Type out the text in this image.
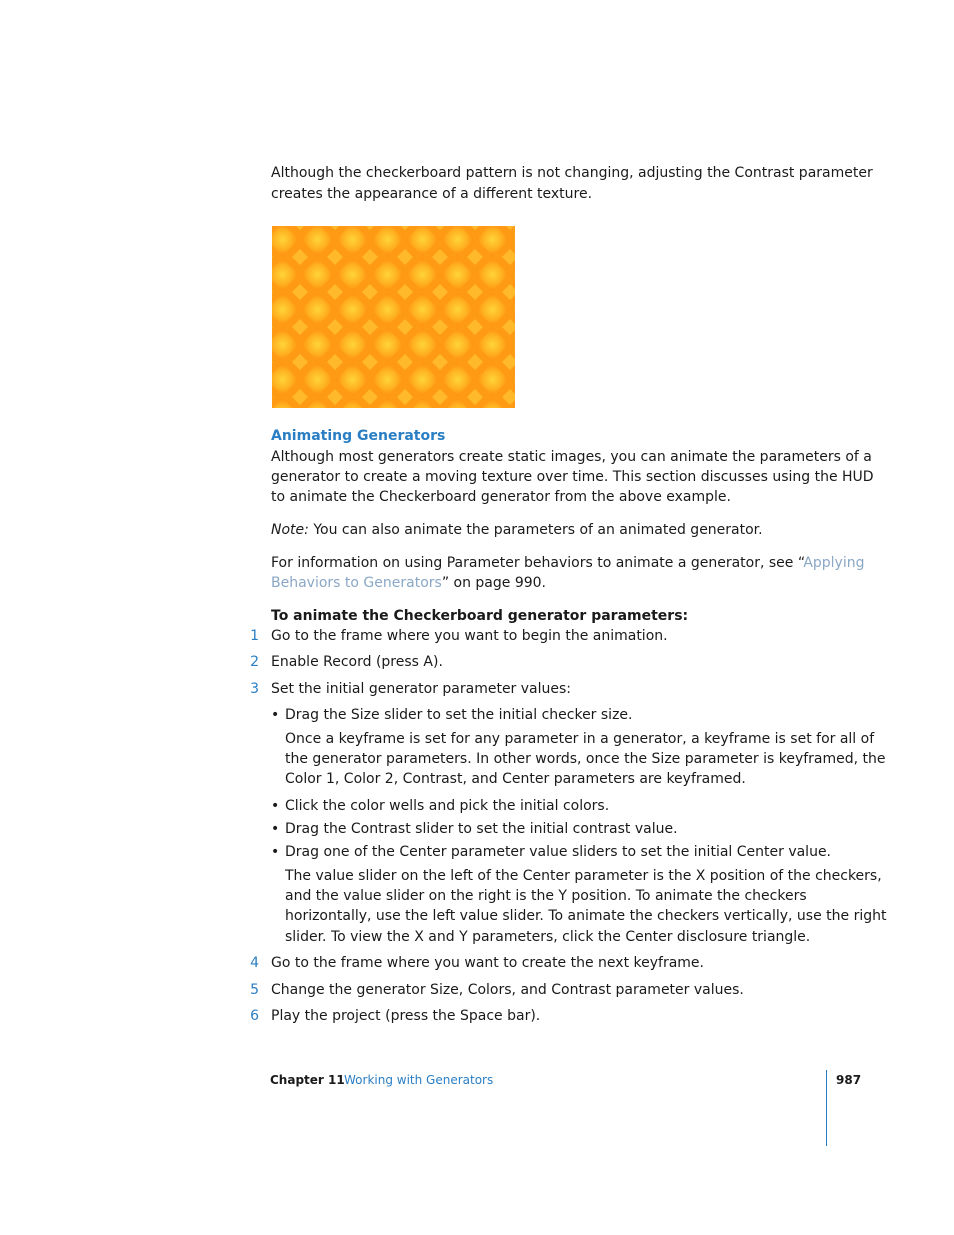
Although the checkerboard pattern is not changing, adjusting the Contrast parameter
creates the appearance of a different texture.
Animating Generators
Although most generators create static images, you can animate the parameters of a
generator to create a moving texture over time. This section discusses using the HUD
to animate the Checkerboard generator from the above example.
Note: You can also animate the parameters of an animated generator.
For information on using Parameter behaviors to animate a generator, see “Applying
Behaviors to Generators” on page 990.
To animate the Checkerboard generator parameters:
1 Go to the frame where you want to begin the animation.
2 Enable Record (press A).
3 Set the initial generator parameter values:
• Drag the Size slider to set the initial checker size.
Once a keyframe is set for any parameter in a generator, a keyframe is set for all of
the generator parameters. In other words, once the Size parameter is keyframed, the
Color 1, Color 2, Contrast, and Center parameters are keyframed.
• Click the color wells and pick the initial colors.
• Drag the Contrast slider to set the initial contrast value.
• Drag one of the Center parameter value sliders to set the initial Center value.
The value slider on the left of the Center parameter is the X position of the checkers,
and the value slider on the right is the Y position. To animate the checkers
horizontally, use the left value slider. To animate the checkers vertically, use the right
slider. To view the X and Y parameters, click the Center disclosure triangle.
4 Go to the frame where you want to create the next keyframe.
5 Change the generator Size, Colors, and Contrast parameter values.
6 Play the project (press the Space bar).
Chapter 11 Working with Generators	987
